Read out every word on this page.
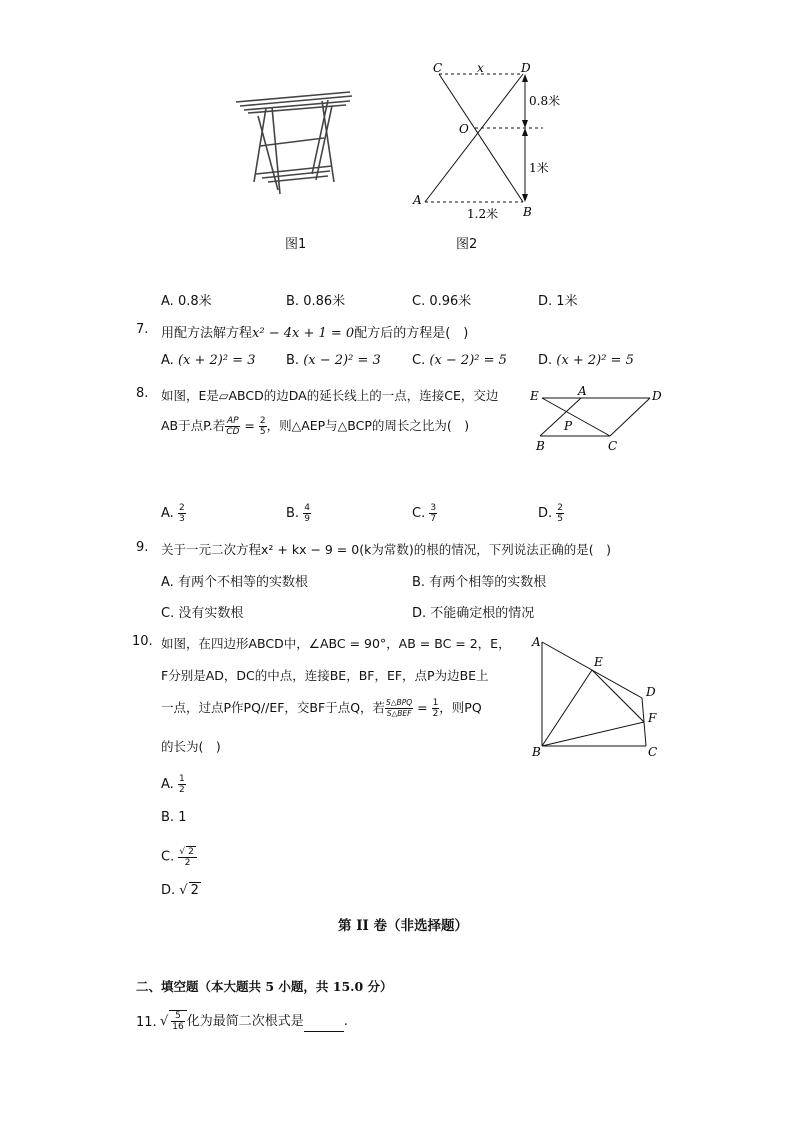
图1
C	x	D
O
0.8米
1米
A
B
1.2米
图2
A. 0.8米	B. 0.86米	C. 0.96米	D. 1米
7. 用配方法解方程x² − 4x + 1 = 0配方后的方程是(　)
A. (x + 2)² = 3 B. (x − 2)² = 3 C. (x − 2)² = 5 D. (x + 2)² = 5
8. 如图，E是▱ABCD的边DA的延长线上的一点，连接CE，交边
AB于点P.若 $\frac{AP}{CD} = \frac{2}{5}$ ，则△AEP与△BCP的周长之比为(　)
E	A	D
P
B	C
A. $\frac{2}{3}$	B. $\frac{4}{9}$	C. $\frac{3}{7}$	D. $\frac{2}{5}$
9. 关于一元二次方程x² + kx − 9 = 0(k为常数)的根的情况，下列说法正确的是(　)
A. 有两个不相等的实数根	B. 有两个相等的实数根
C. 没有实数根	D. 不能确定根的情况
10. 如图，在四边形ABCD中，∠ABC = 90°，AB = BC = 2，E，
F分别是AD，DC的中点，连接BE，BF，EF，点P为边BE上
一点，过点P作PQ//EF，交BF于点Q，若 $\frac{\text{S△BPQ}}{\text{S△BEF}} = \frac{1}{2}$ ，则PQ
的长为(　)
A
E
D
F
B	C
A. $\frac{1}{2}$
B. 1
C. $\frac{√ 2}{2}$
D. √ 2
第 II 卷（非选择题）
二、填空题（本大题共 5 小题，共 15.0 分）
11. √ $\frac{5}{16}$ 化为最简二次根式是	.
